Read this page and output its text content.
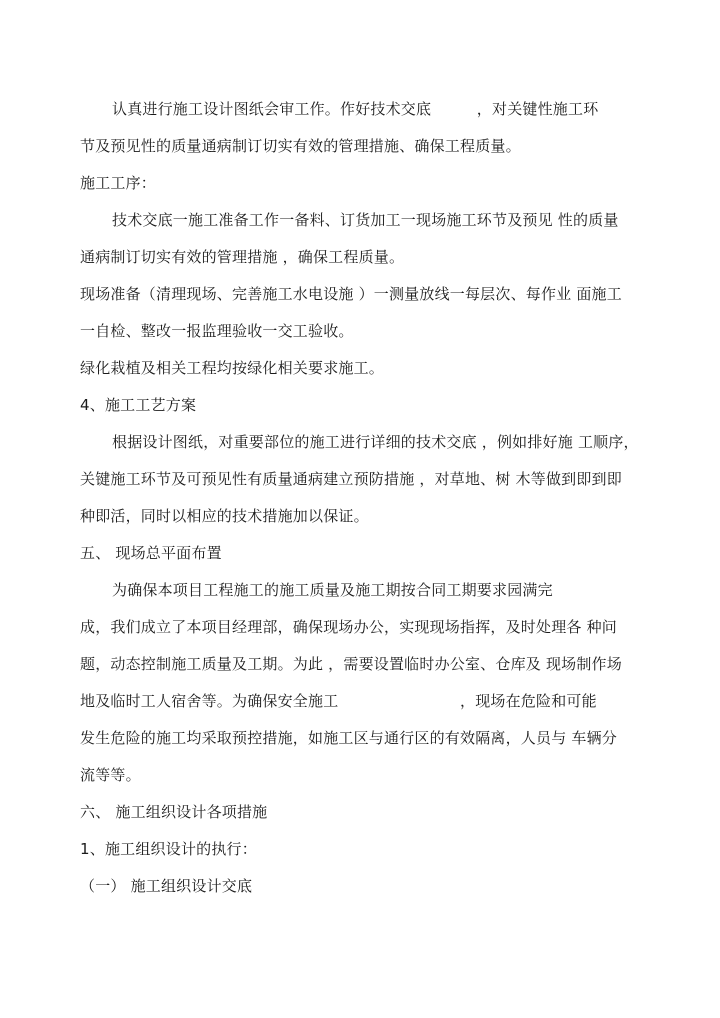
认真进行施工设计图纸会审工作。作好技术交底　　　，对关键性施工环
节及预见性的质量通病制订切实有效的管理措施、确保工程质量。
施工工序：
技术交底一施工准备工作一备料、订货加工一现场施工环节及预见 性的质量
通病制订切实有效的管理措施 ，确保工程质量。
现场准备（清理现场、完善施工水电设施 ）一测量放线一每层次、每作业 面施工
一自检、整改一报监理验收一交工验收。
绿化栽植及相关工程均按绿化相关要求施工。
4、施工工艺方案
根据设计图纸，对重要部位的施工进行详细的技术交底 ，例如排好施 工顺序，
关键施工环节及可预见性有质量通病建立预防措施 ，对草地、树 木等做到即到即
种即活，同时以相应的技术措施加以保证。
五、 现场总平面布置
为确保本项目工程施工的施工质量及施工期按合同工期要求园满完
成，我们成立了本项目经理部，确保现场办公，实现现场指挥，及时处理各 种问
题，动态控制施工质量及工期。为此 ，需要设置临时办公室、仓库及 现场制作场
地及临时工人宿舍等。为确保安全施工　　　　　　　　，现场在危险和可能
发生危险的施工均采取预控措施，如施工区与通行区的有效隔离，人员与 车辆分
流等等。
六、 施工组织设计各项措施
1、施工组织设计的执行：
（一） 施工组织设计交底
